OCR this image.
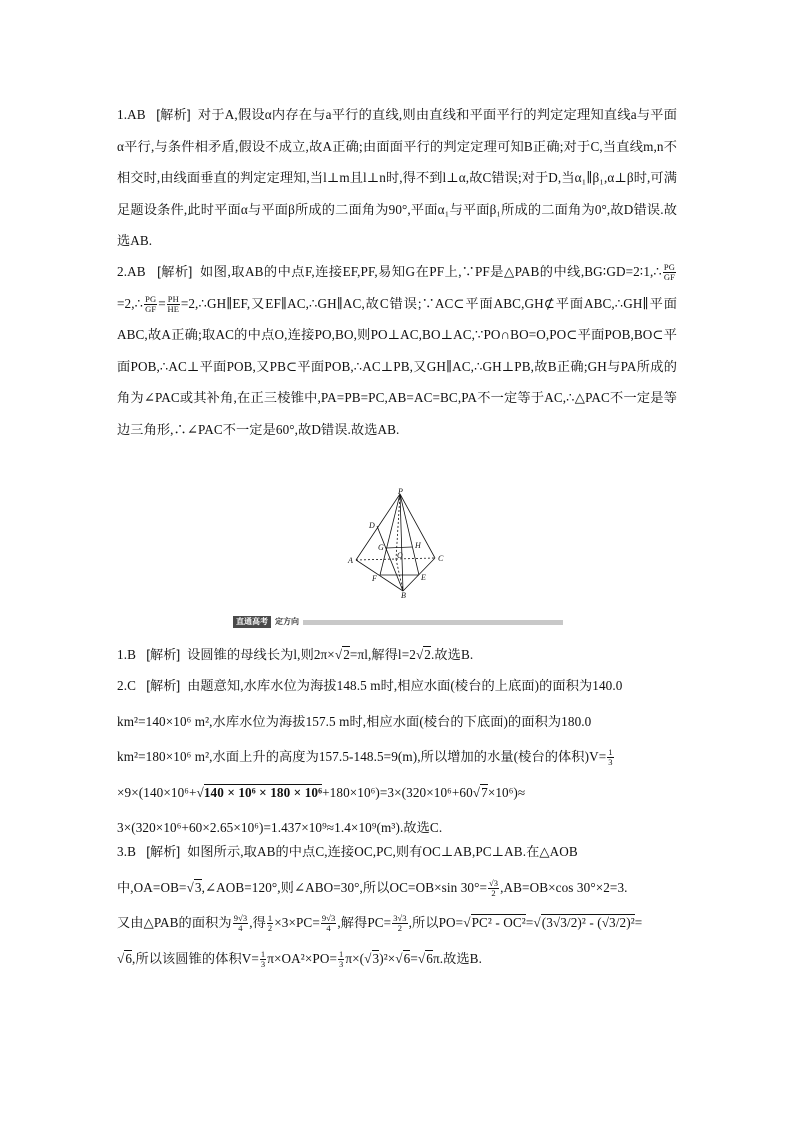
1.AB [解析] 对于A,假设α内存在与a平行的直线,则由直线和平面平行的判定定理知直线a与平面α平行,与条件相矛盾,假设不成立,故A正确;由面面平行的判定定理可知B正确;对于C,当直线m,n不相交时,由线面垂直的判定定理知,当l⊥m且l⊥n时,得不到l⊥α,故C错误;对于D,当α₁∥β₁,α⊥β时,可满足题设条件,此时平面α与平面β所成的二面角为90°,平面α₁与平面β₁所成的二面角为0°,故D错误.故选AB.

2.AB [解析] 如图,取AB的中点F,连接EF,PF,易知G在PF上,∵PF是△PAB的中线,BG∶GD=2∶1,∴ $\frac{PG}{GF}$
=2,∴ $\frac{PG}{GF} = \frac{PH}{HE}$ =2,∴GH∥EF,又EF∥AC,∴GH∥AC,故C错误;∵AC⊂平面ABC,GH⊄平面ABC,∴GH∥平面ABC,故A正确;取AC的中点O,连接PO,BO,则PO⊥AC,BO⊥AC,∵PO∩BO=O,PO⊂平面POB,BO⊂平面POB,∴AC⊥平面POB,又PB⊂平面POB,∴AC⊥PB,又GH∥AC,∴GH⊥PB,故B正确;GH与PA所成的角为∠PAC或其补角,在正三棱锥中,PA=PB=PC,AB=AC=BC,PA不一定等于AC,∴△PAC不一定是等边三角形,∴∠PAC不一定是60°,故D错误.故选AB.

P
D
G
O
H
A	C
F	E
B
直通高考 定方向

1.B [解析] 设圆锥的母线长为l,则2π×√2=πl,解得l=2√2.故选B.

2.C [解析] 由题意知,水库水位为海拔148.5 m时,相应水面(棱台的上底面)的面积为140.0

km²=140×10⁶ m²,水库水位为海拔157.5 m时,相应水面(棱台的下底面)的面积为180.0

km²=180×10⁶ m²,水面上升的高度为157.5-148.5=9(m),所以增加的水量(棱台的体积)$V= \frac{1}{3}$

×9×(140×10⁶+√140 × 10⁶ × 180 × 10⁶+180×10⁶)=3×(320×10⁶+60√7×10⁶)≈

3×(320×10⁶+60×2.65×10⁶)=1.437×10⁹≈1.4×10⁹(m³).故选C.

3.B [解析] 如图所示,取AB的中点C,连接OC,PC,则有OC⊥AB,PC⊥AB.在△AOB

中,OA=OB=√3,∠AOB=120°,则∠ABO=30°,所以OC=OB×sin $30^\circ= \frac{√3}{2} ,AB=OB\times\cos$ 30°×2=3.

又由△PAB的面积为 $\frac{9√3}{4}$ ,得 $\frac{1}{2} \times 3\times PC= \frac{9√3}{4}$ ,解得$PC= \frac{3√3}{2}$ ,所以PO=√PC² - OC²=√(3√3/2)² - (√3/2)²=

√6,所以该圆锥的体积$V= \frac{1}{3} \pi\times OA^2\times PO= \frac{1}{3} \pi\times(√3)^2\times√6=√6\pi$.故选B.
